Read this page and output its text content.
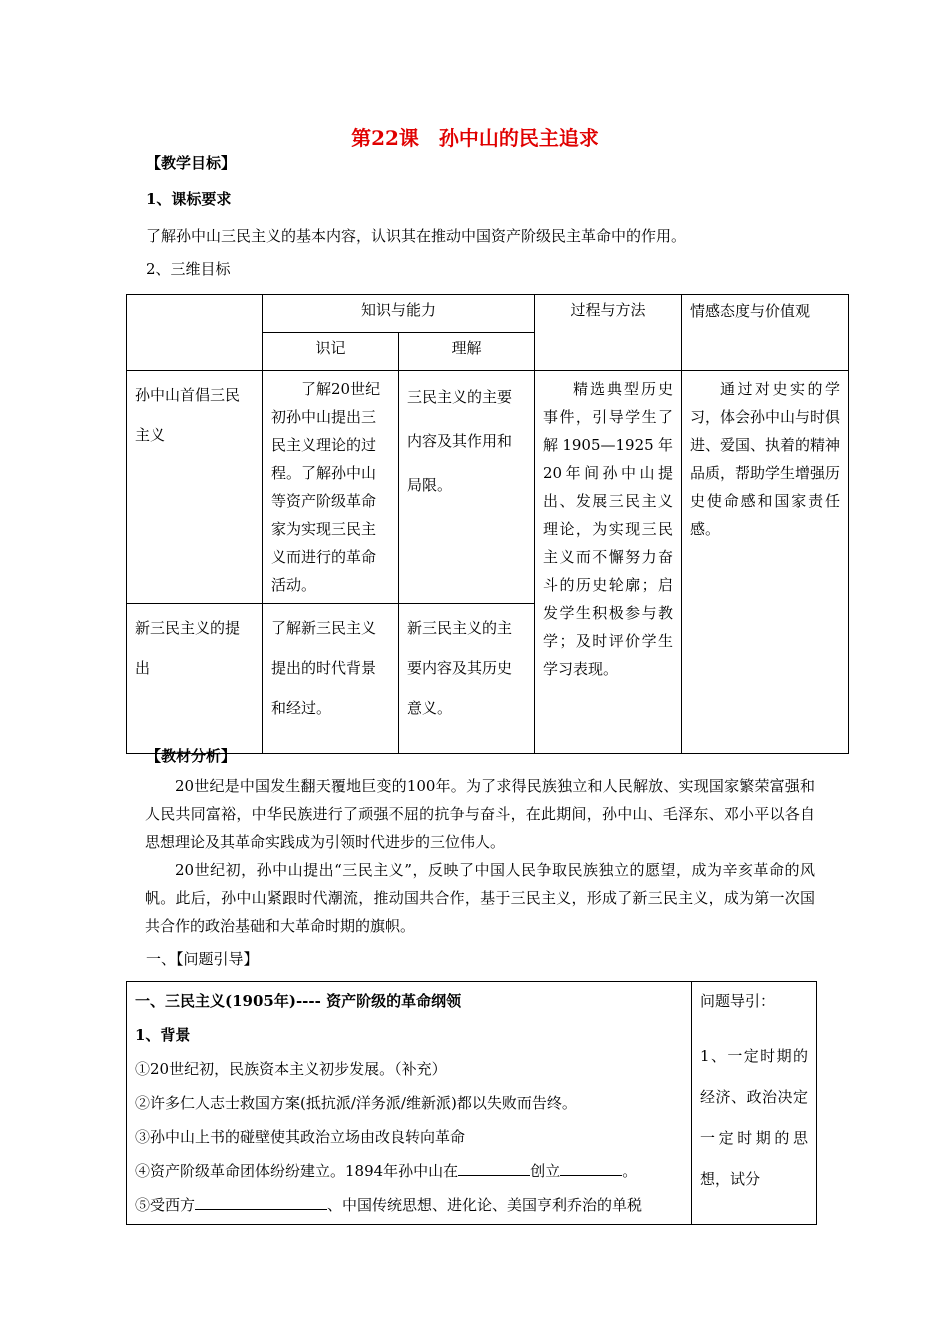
第22课　孙中山的民主追求
【教学目标】
1、课标要求
了解孙中山三民主义的基本内容，认识其在推动中国资产阶级民主革命中的作用。
2、三维目标
	知识与能力		过程与方法	情感态度与价值观
	识记	理解		
孙中山首倡三民主义	了解20世纪初孙中山提出三民主义理论的过程。了解孙中山等资产阶级革命家为实现三民主义而进行的革命活动。	三民主义的主要内容及其作用和局限。	精选典型历史事件，引导学生了解1905—1925年20年间孙中山提出、发展三民主义理论，为实现三民主义而不懈努力奋斗的历史轮廓；启发学生积极参与教学；及时评价学生学习表现。	通过对史实的学习，体会孙中山与时俱进、爱国、执着的精神品质，帮助学生增强历史使命感和国家责任感。
新三民主义的提出	了解新三民主义提出的时代背景和经过。	新三民主义的主要内容及其历史意义。		
【教材分析】
20世纪是中国发生翻天覆地巨变的100年。为了求得民族独立和人民解放、实现国家繁荣富强和人民共同富裕，中华民族进行了顽强不屈的抗争与奋斗，在此期间，孙中山、毛泽东、邓小平以各自思想理论及其革命实践成为引领时代进步的三位伟人。
20世纪初，孙中山提出“三民主义”，反映了中国人民争取民族独立的愿望，成为辛亥革命的风帆。此后，孙中山紧跟时代潮流，推动国共合作，基于三民主义，形成了新三民主义，成为第一次国共合作的政治基础和大革命时期的旗帜。
一、【问题引导】
一、三民主义(1905年)---- 资产阶级的革命纲领
1、背景
①20世纪初，民族资本主义初步发展。（补充）
②许多仁人志士救国方案(抵抗派/洋务派/维新派)都以失败而告终。
③孙中山上书的碰壁使其政治立场由改良转向革命
④资产阶级革命团体纷纷建立。1894年孙中山在	创立	。
⑤受西方	、中国传统思想、进化论、美国亨利乔治的单税

问题导引：
1、一定时期的经济、政治决定一定时期的思想，试分
